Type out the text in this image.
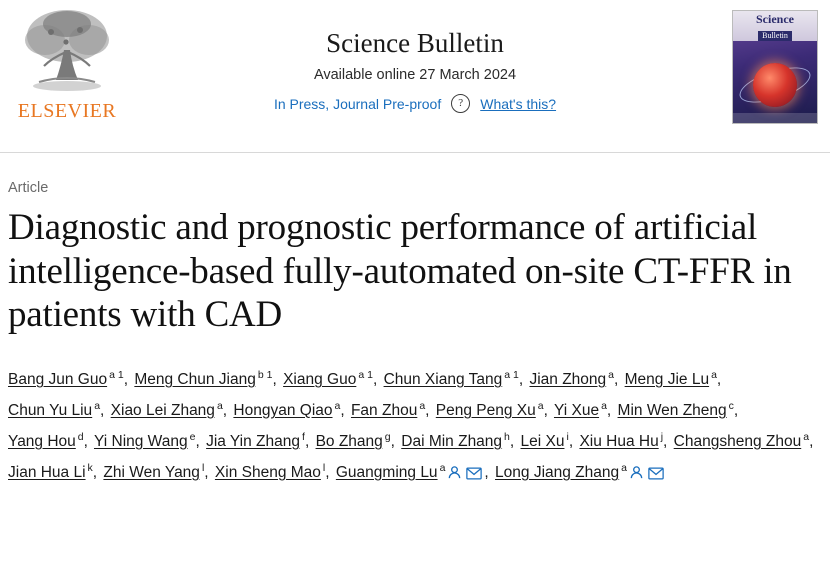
ELSEVIER
Science Bulletin
Available online 27 March 2024
In Press, Journal Pre-proof	?	What's this?
Science
Bulletin
Article
Diagnostic and prognostic performance of artificial intelligence-based fully-automated on-site CT-FFR in patients with CAD
Bang Jun Guo $^{a 1}$, Meng Chun Jiang $^{b 1}$, Xiang Guo $^{a 1}$, Chun Xiang Tang $^{a 1}$, Jian Zhong $^a$, Meng Jie Lu $^a$, Chun Yu Liu $^a$, Xiao Lei Zhang $^a$, Hongyan Qiao $^a$, Fan Zhou $^a$, Peng Peng Xu $^a$, Yi Xue $^a$, Min Wen Zheng $^c$, Yang Hou $^d$, Yi Ning Wang $^e$, Jia Yin Zhang $^f$, Bo Zhang $^g$, Dai Min Zhang $^h$, Lei Xu $^i$, Xiu Hua Hu $^j$, Changsheng Zhou $^a$, Jian Hua Li $^k$, Zhi Wen Yang $^l$, Xin Sheng Mao $^l$, Guangming Lu $^a$	, Long Jiang Zhang $^a$
